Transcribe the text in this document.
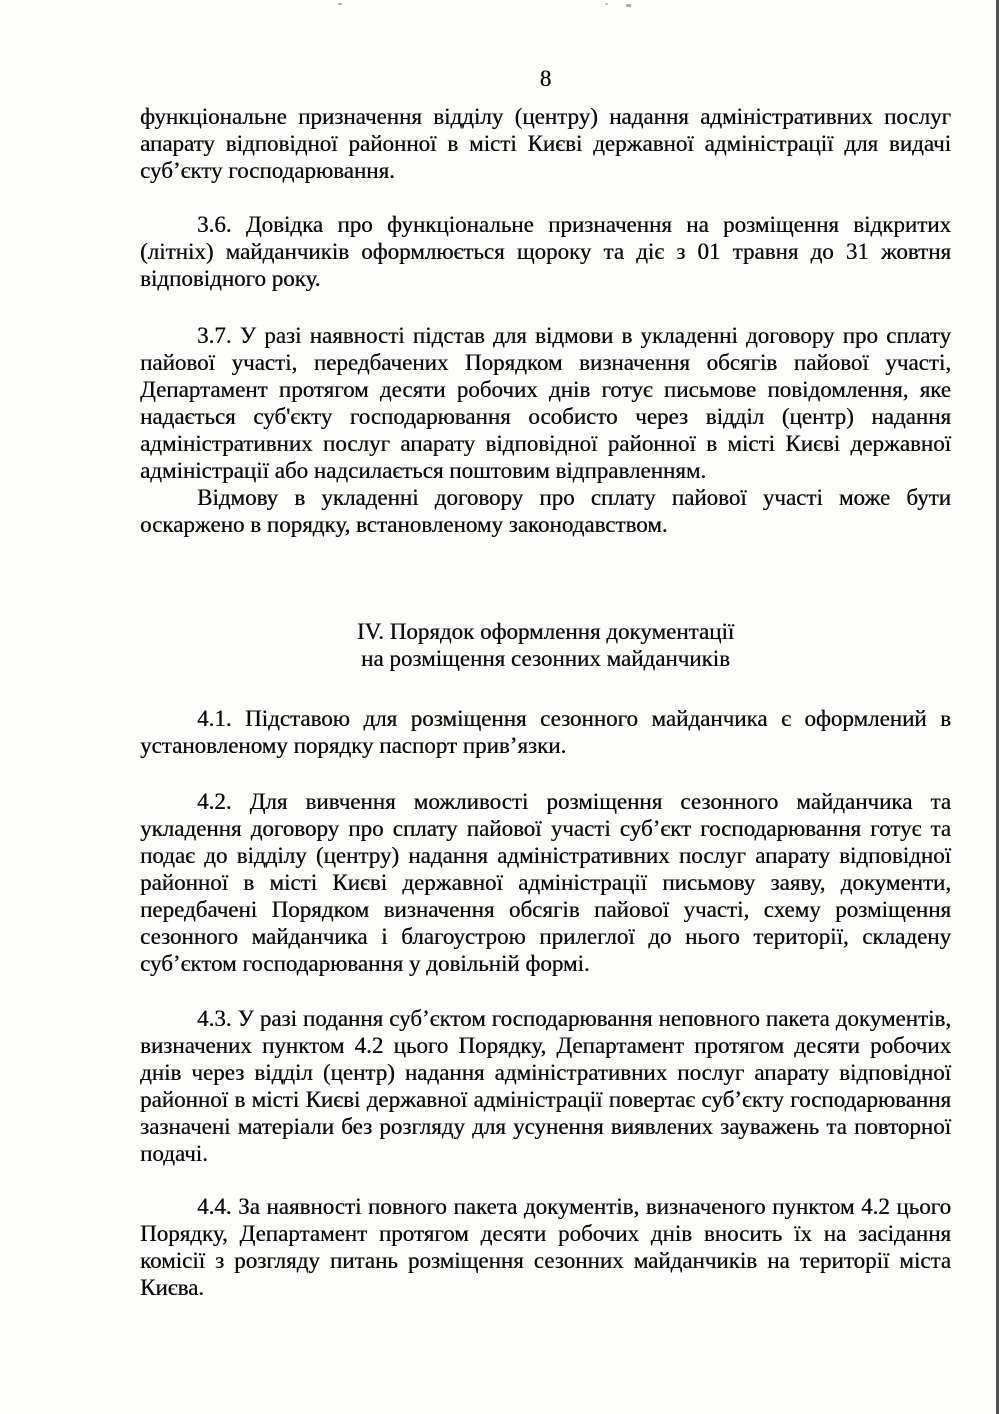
8

функціональне призначення відділу (центру) надання адміністративних послуг апарату відповідної районної в місті Києві державної адміністрації для видачі суб’єкту господарювання.

3.6. Довідка про функціональне призначення на розміщення відкритих (літніх) майданчиків оформлюється щороку та діє з 01 травня до 31 жовтня відповідного року.

3.7. У разі наявності підстав для відмови в укладенні договору про сплату пайової участі, передбачених Порядком визначення обсягів пайової участі, Департамент протягом десяти робочих днів готує письмове повідомлення, яке надається суб'єкту господарювання особисто через відділ (центр) надання адміністративних послуг апарату відповідної районної в місті Києві державної адміністрації або надсилається поштовим відправленням.

Відмову в укладенні договору про сплату пайової участі може бути оскаржено в порядку, встановленому законодавством.

IV. Порядок оформлення документації
на розміщення сезонних майданчиків

4.1. Підставою для розміщення сезонного майданчика є оформлений в установленому порядку паспорт прив’язки.

4.2. Для вивчення можливості розміщення сезонного майданчика та укладення договору про сплату пайової участі суб’єкт господарювання готує та подає до відділу (центру) надання адміністративних послуг апарату відповідної районної в місті Києві державної адміністрації письмову заяву, документи, передбачені Порядком визначення обсягів пайової участі, схему розміщення сезонного майданчика і благоустрою прилеглої до нього території, складену суб’єктом господарювання у довільній формі.

4.3. У разі подання суб’єктом господарювання неповного пакета документів, визначених пунктом 4.2 цього Порядку, Департамент протягом десяти робочих днів через відділ (центр) надання адміністративних послуг апарату відповідної районної в місті Києві державної адміністрації повертає суб’єкту господарювання зазначені матеріали без розгляду для усунення виявлених зауважень та повторної подачі.

4.4. За наявності повного пакета документів, визначеного пунктом 4.2 цього Порядку, Департамент протягом десяти робочих днів вносить їх на засідання комісії з розгляду питань розміщення сезонних майданчиків на території міста Києва.
